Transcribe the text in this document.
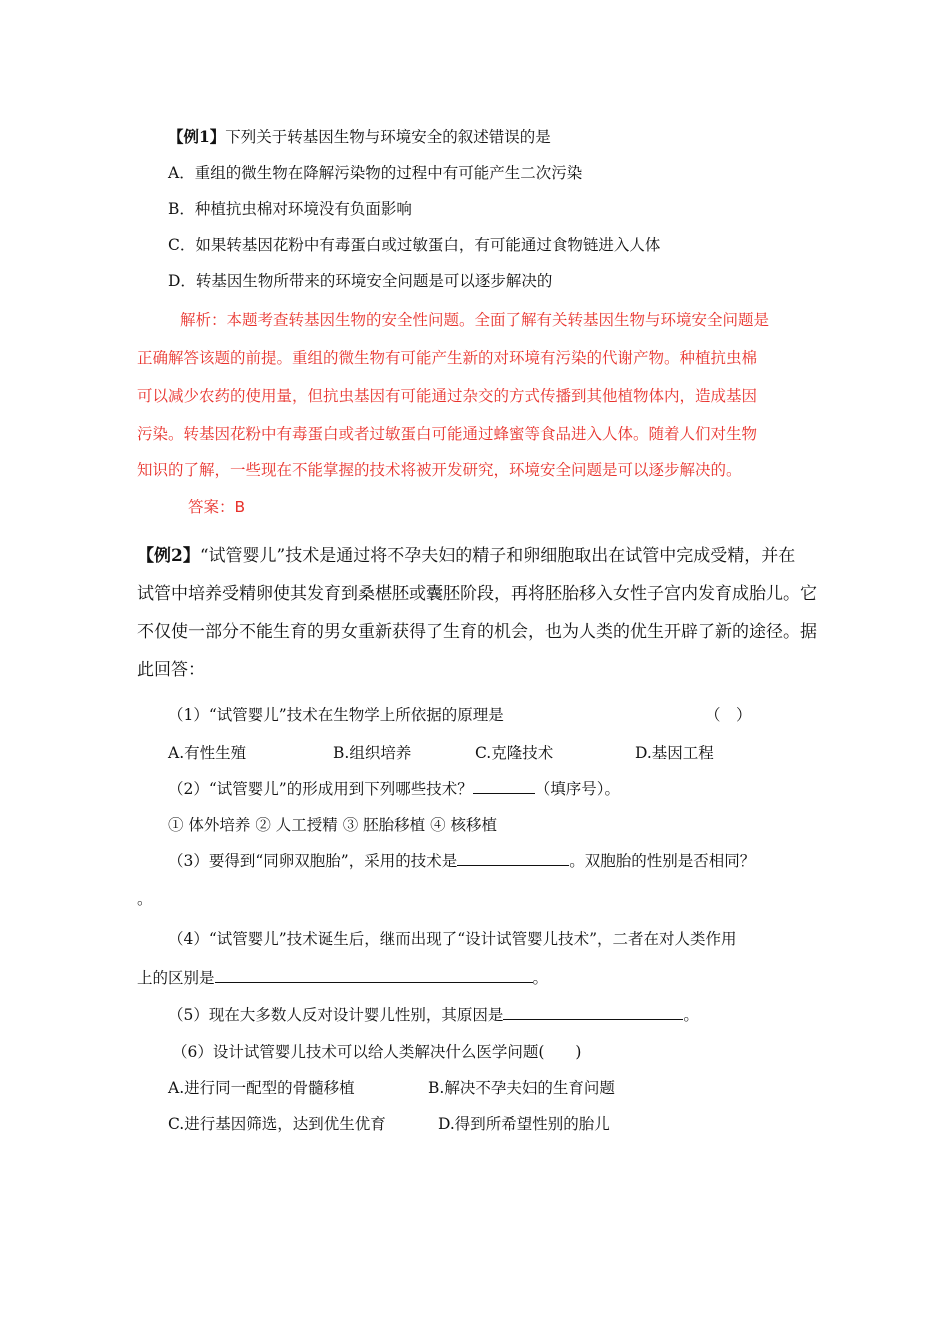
【例1】下列关于转基因生物与环境安全的叙述错误的是
A．重组的微生物在降解污染物的过程中有可能产生二次污染
B．种植抗虫棉对环境没有负面影响
C．如果转基因花粉中有毒蛋白或过敏蛋白，有可能通过食物链进入人体
D．转基因生物所带来的环境安全问题是可以逐步解决的
解析：本题考查转基因生物的安全性问题。全面了解有关转基因生物与环境安全问题是
正确解答该题的前提。重组的微生物有可能产生新的对环境有污染的代谢产物。种植抗虫棉
可以减少农药的使用量，但抗虫基因有可能通过杂交的方式传播到其他植物体内，造成基因
污染。转基因花粉中有毒蛋白或者过敏蛋白可能通过蜂蜜等食品进入人体。随着人们对生物
知识的了解，一些现在不能掌握的技术将被开发研究，环境安全问题是可以逐步解决的。
答案：B
【例2】“试管婴儿”技术是通过将不孕夫妇的精子和卵细胞取出在试管中完成受精，并在
试管中培养受精卵使其发育到桑椹胚或囊胚阶段，再将胚胎移入女性子宫内发育成胎儿。它
不仅使一部分不能生育的男女重新获得了生育的机会，也为人类的优生开辟了新的途径。据
此回答：
（1）“试管婴儿”技术在生物学上所依据的原理是	（　）
A.有性生殖	B.组织培养	C.克隆技术	D.基因工程
（2）“试管婴儿”的形成用到下列哪些技术？	（填序号）。
① 体外培养 ② 人工授精 ③ 胚胎移植 ④ 核移植
（3）要得到“同卵双胞胎”，采用的技术是	。双胞胎的性别是否相同？
。
（4）“试管婴儿”技术诞生后，继而出现了“设计试管婴儿技术”，二者在对人类作用
上的区别是	。
（5）现在大多数人反对设计婴儿性别，其原因是	。
（6）设计试管婴儿技术可以给人类解决什么医学问题(　　)
A.进行同一配型的骨髓移植	B.解决不孕夫妇的生育问题
C.进行基因筛选，达到优生优育	D.得到所希望性别的胎儿
